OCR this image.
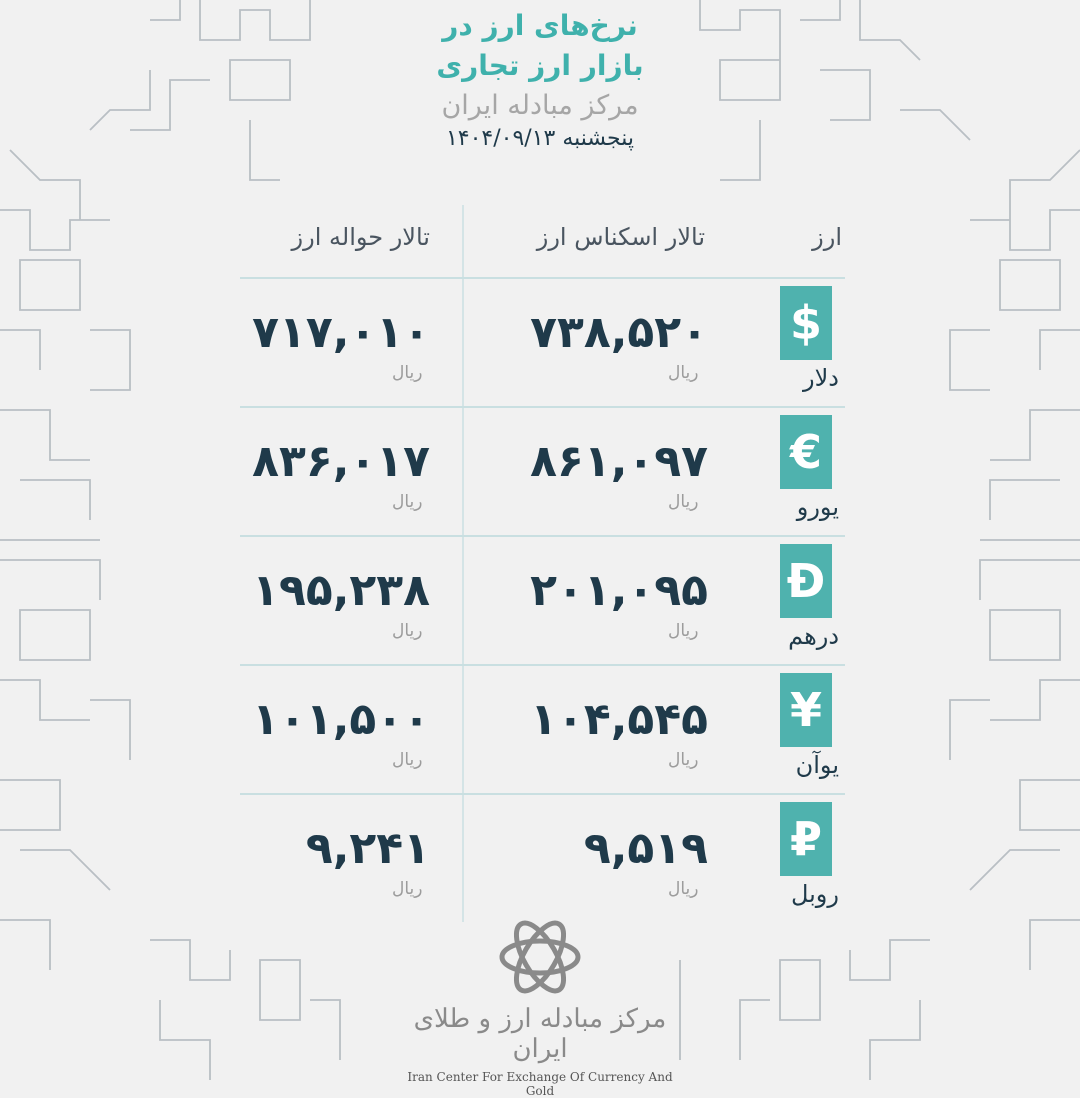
نرخ‌های ارز در

بازار ارز تجاری

مرکز مبادله ایران

پنجشنبه ۱۴۰۴/۰۹/۱۳

ارز
تالار اسکناس ارز
تالار حواله ارز
$
دلار
۷۳۸,۵۲۰
ریال
۷۱۷,۰۱۰
ریال
€
یورو
۸۶۱,۰۹۷
ریال
۸۳۶,۰۱۷
ریال
Đ
درهم
۲۰۱,۰۹۵
ریال
۱۹۵,۲۳۸
ریال
¥
یوآن
۱۰۴,۵۴۵
ریال
۱۰۱,۵۰۰
ریال
₽
روبل
۹,۵۱۹
ریال
۹,۲۴۱
ریال
مرکز مبادله ارز و طلای ایران
Iran Center For Exchange Of Currency And Gold
